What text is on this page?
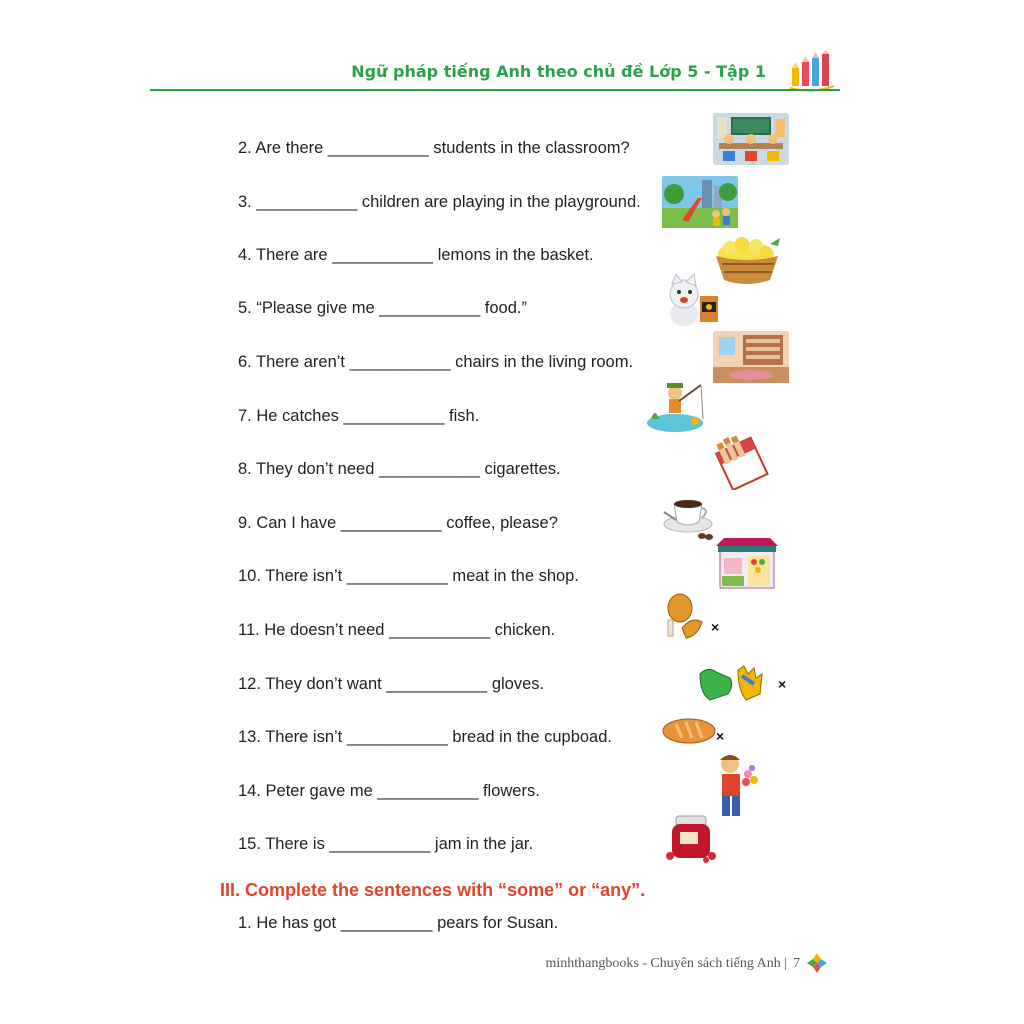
Ngữ pháp tiếng Anh theo chủ đề Lớp 5 - Tập 1
2. Are there ___________ students in the classroom?
3. ___________ children are playing in the playground.
4. There are ___________ lemons in the basket.
5. “Please give me ___________ food.”
6. There aren’t ___________ chairs in the living room.
7. He catches ___________ fish.
8. They don’t need ___________ cigarettes.
9. Can I have ___________ coffee, please?
10. There isn’t ___________ meat in the shop.
11. He doesn’t need ___________ chicken.
12. They don’t want ___________ gloves.
13. There isn’t ___________ bread in the cupboad.
14. Peter gave me ___________ flowers.
15. There is ___________ jam in the jar.
III. Complete the sentences with “some” or “any”.
1. He has got __________ pears for Susan.
×
×
×
minhthangbooks - Chuyên sách tiếng Anh | 7
